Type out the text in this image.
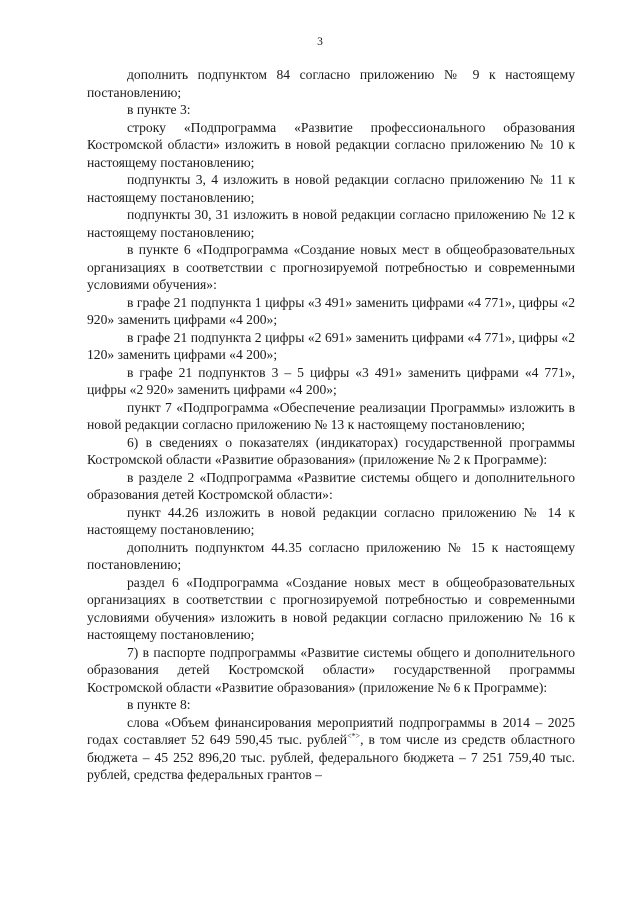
3

дополнить подпунктом 84 согласно приложению № 9 к настоящему постановлению;

в пункте 3:

строку «Подпрограмма «Развитие профессионального образования Костромской области» изложить в новой редакции согласно приложению № 10 к настоящему постановлению;

подпункты 3, 4 изложить в новой редакции согласно приложению № 11 к настоящему постановлению;

подпункты 30, 31 изложить в новой редакции согласно приложению № 12 к настоящему постановлению;

в пункте 6 «Подпрограмма «Создание новых мест в общеобразовательных организациях в соответствии с прогнозируемой потребностью и современными условиями обучения»:

в графе 21 подпункта 1 цифры «3 491» заменить цифрами «4 771», цифры «2 920» заменить цифрами «4 200»;

в графе 21 подпункта 2 цифры «2 691» заменить цифрами «4 771», цифры «2 120» заменить цифрами «4 200»;

в графе 21 подпунктов 3 – 5 цифры «3 491» заменить цифрами «4 771», цифры «2 920» заменить цифрами «4 200»;

пункт 7 «Подпрограмма «Обеспечение реализации Программы» изложить в новой редакции согласно приложению № 13 к настоящему постановлению;

6) в сведениях о показателях (индикаторах) государственной программы Костромской области «Развитие образования» (приложение № 2 к Программе):

в разделе 2 «Подпрограмма «Развитие системы общего и дополнительного образования детей Костромской области»:

пункт 44.26 изложить в новой редакции согласно приложению № 14 к настоящему постановлению;

дополнить подпунктом 44.35 согласно приложению № 15 к настоящему постановлению;

раздел 6 «Подпрограмма «Создание новых мест в общеобразовательных организациях в соответствии с прогнозируемой потребностью и современными условиями обучения» изложить в новой редакции согласно приложению № 16 к настоящему постановлению;

7) в паспорте подпрограммы «Развитие системы общего и дополнительного образования детей Костромской области» государственной программы Костромской области «Развитие образования» (приложение № 6 к Программе):

в пункте 8:

слова «Объем финансирования мероприятий подпрограммы в 2014 – 2025 годах составляет 52 649 590,45 тыс. рублей<*>, в том числе из средств областного бюджета – 45 252 896,20 тыс. рублей, федерального бюджета – 7 251 759,40 тыс. рублей, средства федеральных грантов –
